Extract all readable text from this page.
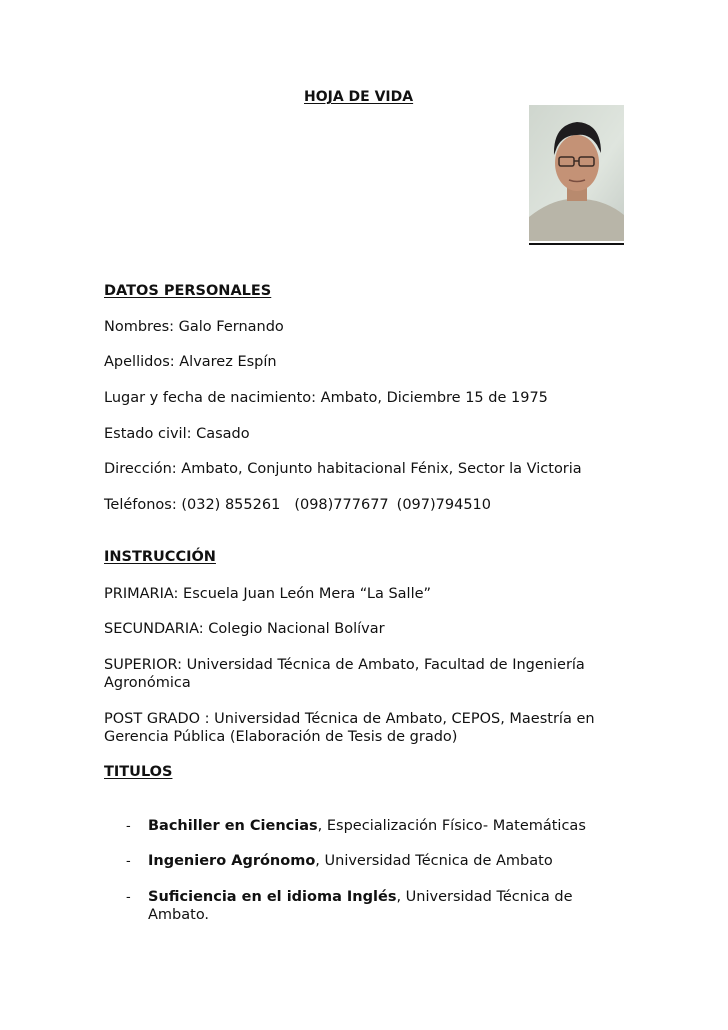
HOJA DE VIDA
DATOS PERSONALES
Nombres: Galo Fernando
Apellidos: Alvarez Espín
Lugar y fecha de nacimiento: Ambato, Diciembre 15 de 1975
Estado civil: Casado
Dirección: Ambato, Conjunto habitacional Fénix, Sector la Victoria
Teléfonos: (032) 855261 (098)777677 (097)794510
INSTRUCCIÓN
PRIMARIA: Escuela Juan León Mera “La Salle”
SECUNDARIA: Colegio Nacional Bolívar
SUPERIOR: Universidad Técnica de Ambato, Facultad de Ingeniería
Agronómica
POST GRADO : Universidad Técnica de Ambato, CEPOS, Maestría en
Gerencia Pública (Elaboración de Tesis de grado)
TITULOS
- Bachiller en Ciencias, Especialización Físico- Matemáticas
- Ingeniero Agrónomo, Universidad Técnica de Ambato
- Suficiencia en el idioma Inglés, Universidad Técnica de
Ambato.
